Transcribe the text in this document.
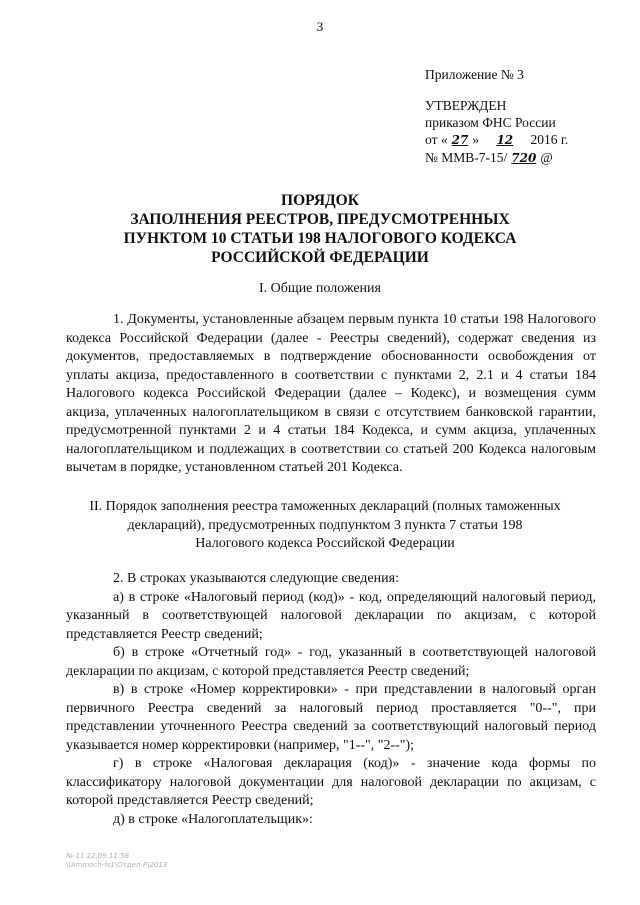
3
Приложение № 3
УТВЕРЖДЕН
приказом ФНС России
от « 27 » 12 2016 г.
№ ММВ-7-15/ 720 @
ПОРЯДОК
ЗАПОЛНЕНИЯ РЕЕСТРОВ, ПРЕДУСМОТРЕННЫХ
ПУНКТОМ 10 СТАТЬИ 198 НАЛОГОВОГО КОДЕКСА
РОССИЙСКОЙ ФЕДЕРАЦИИ
I. Общие положения

1. Документы, установленные абзацем первым пункта 10 статьи 198 Налогового кодекса Российской Федерации (далее - Реестры сведений), содержат сведения из документов, предоставляемых в подтверждение обоснованности освобождения от уплаты акциза, предоставленного в соответствии с пунктами 2, 2.1 и 4 статьи 184 Налогового кодекса Российской Федерации (далее – Кодекс), и возмещения сумм акциза, уплаченных налогоплательщиком в связи с отсутствием банковской гарантии, предусмотренной пунктами 2 и 4 статьи 184 Кодекса, и сумм акциза, уплаченных налогоплательщиком и подлежащих в соответствии со статьей 200 Кодекса налоговым вычетам в порядке, установленном статьей 201 Кодекса.

II. Порядок заполнения реестра таможенных деклараций (полных таможенных
деклараций), предусмотренных подпунктом 3 пункта 7 статьи 198
Налогового кодекса Российской Федерации

2. В строках указываются следующие сведения:

а) в строке «Налоговый период (код)» - код, определяющий налоговый период, указанный в соответствующей налоговой декларации по акцизам, с которой представляется Реестр сведений;

б) в строке «Отчетный год» - год, указанный в соответствующей налоговой декларации по акцизам, с которой представляется Реестр сведений;

в) в строке «Номер корректировки» - при представлении в налоговый орган первичного Реестра сведений за налоговый период проставляется "0--", при представлении уточненного Реестра сведений за соответствующий налоговый период указывается номер корректировки (например, "1--", "2--");

г) в строке «Налоговая декларация (код)» - значение кода формы по классификатору налоговой документации для налоговой декларации по акцизам, с которой представляется Реестр сведений;

д) в строке «Налогоплательщик»:

№ 11 22.09.11:58
\\Ammoch-fs1\Отдел-Р\2013
